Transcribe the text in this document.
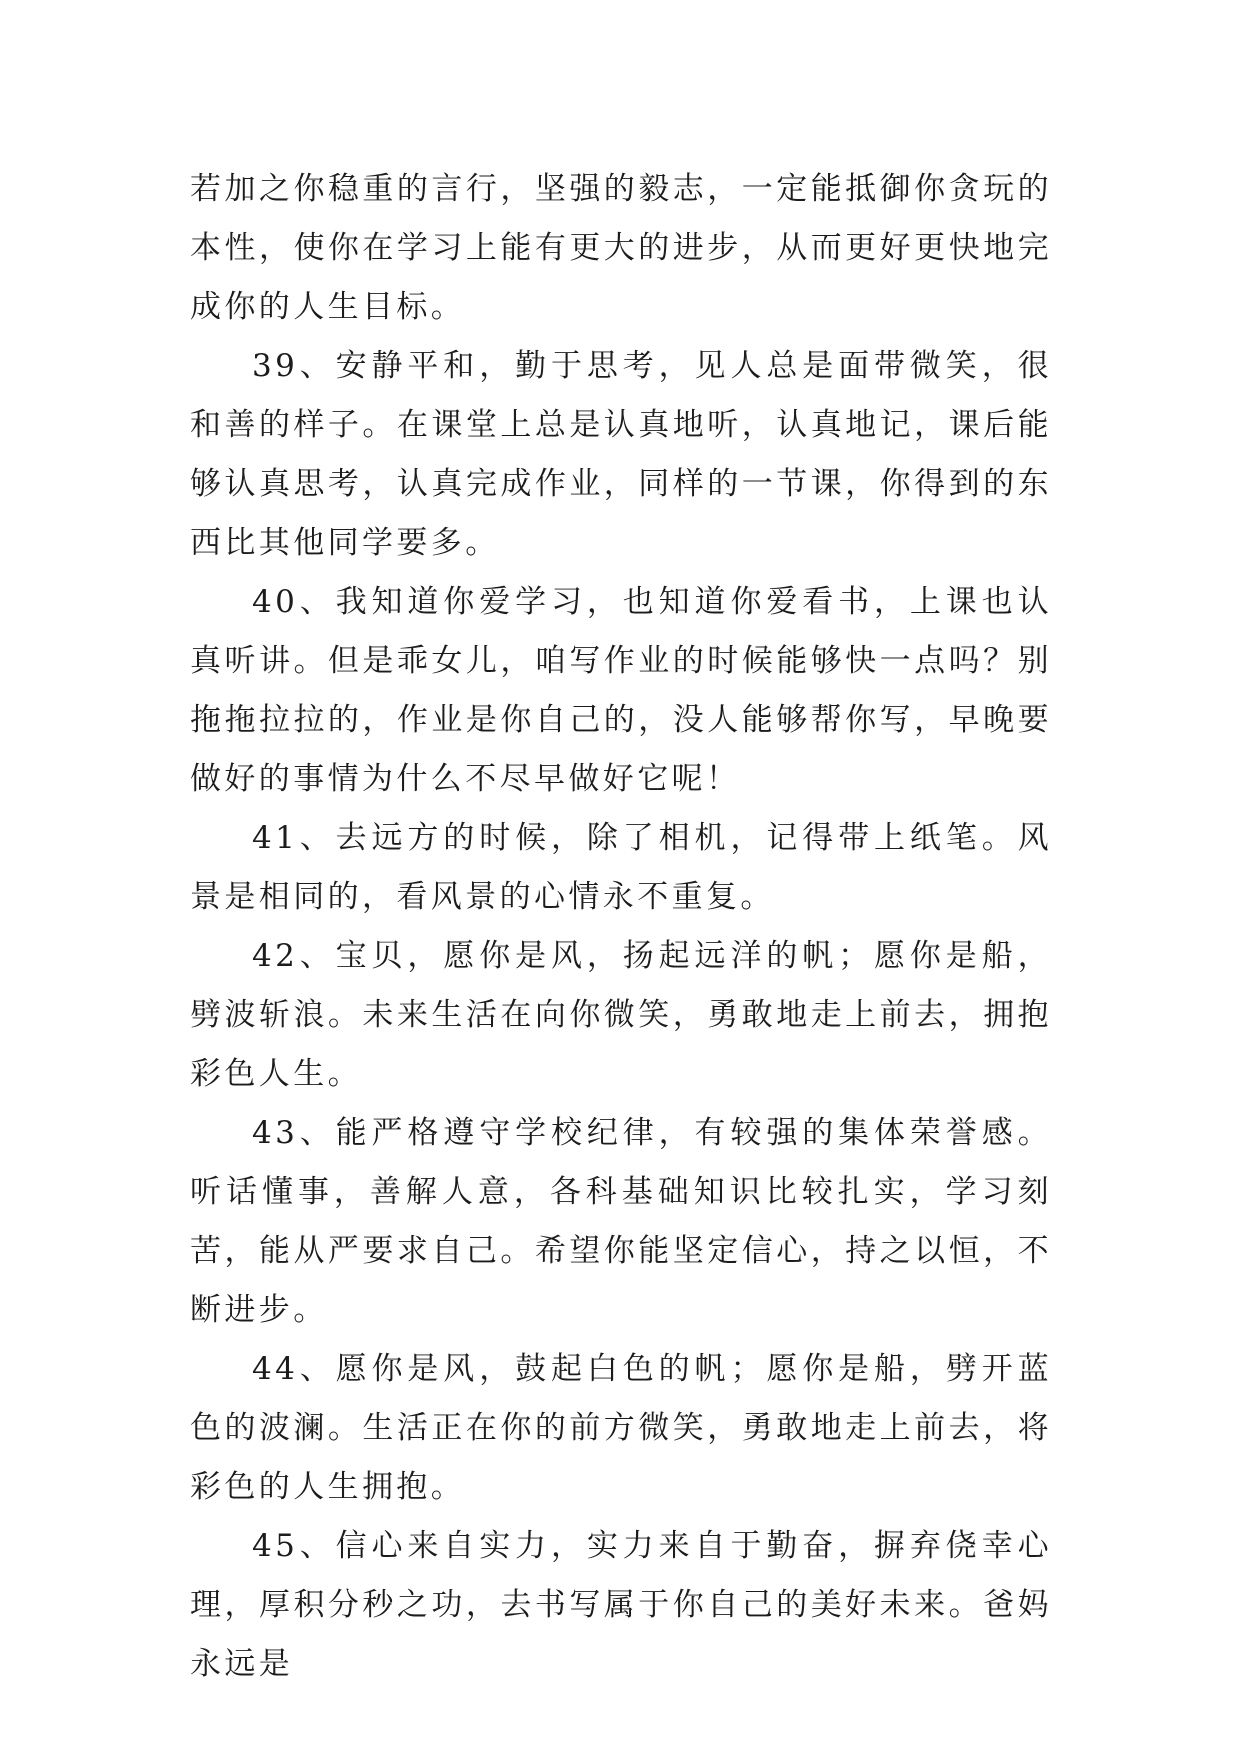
若加之你稳重的言行，坚强的毅志，一定能抵御你贪玩的本性，使你在学习上能有更大的进步，从而更好更快地完成你的人生目标。

39、安静平和，勤于思考，见人总是面带微笑，很和善的样子。在课堂上总是认真地听，认真地记，课后能够认真思考，认真完成作业，同样的一节课，你得到的东西比其他同学要多。

40、我知道你爱学习，也知道你爱看书，上课也认真听讲。但是乖女儿，咱写作业的时候能够快一点吗？别拖拖拉拉的，作业是你自己的，没人能够帮你写，早晚要做好的事情为什么不尽早做好它呢！

41、去远方的时候，除了相机，记得带上纸笔。风景是相同的，看风景的心情永不重复。

42、宝贝，愿你是风，扬起远洋的帆；愿你是船，劈波斩浪。未来生活在向你微笑，勇敢地走上前去，拥抱彩色人生。

43、能严格遵守学校纪律，有较强的集体荣誉感。听话懂事，善解人意，各科基础知识比较扎实，学习刻苦，能从严要求自己。希望你能坚定信心，持之以恒，不断进步。

44、愿你是风，鼓起白色的帆；愿你是船，劈开蓝色的波澜。生活正在你的前方微笑，勇敢地走上前去，将彩色的人生拥抱。

45、信心来自实力，实力来自于勤奋，摒弃侥幸心理，厚积分秒之功，去书写属于你自己的美好未来。爸妈永远是
